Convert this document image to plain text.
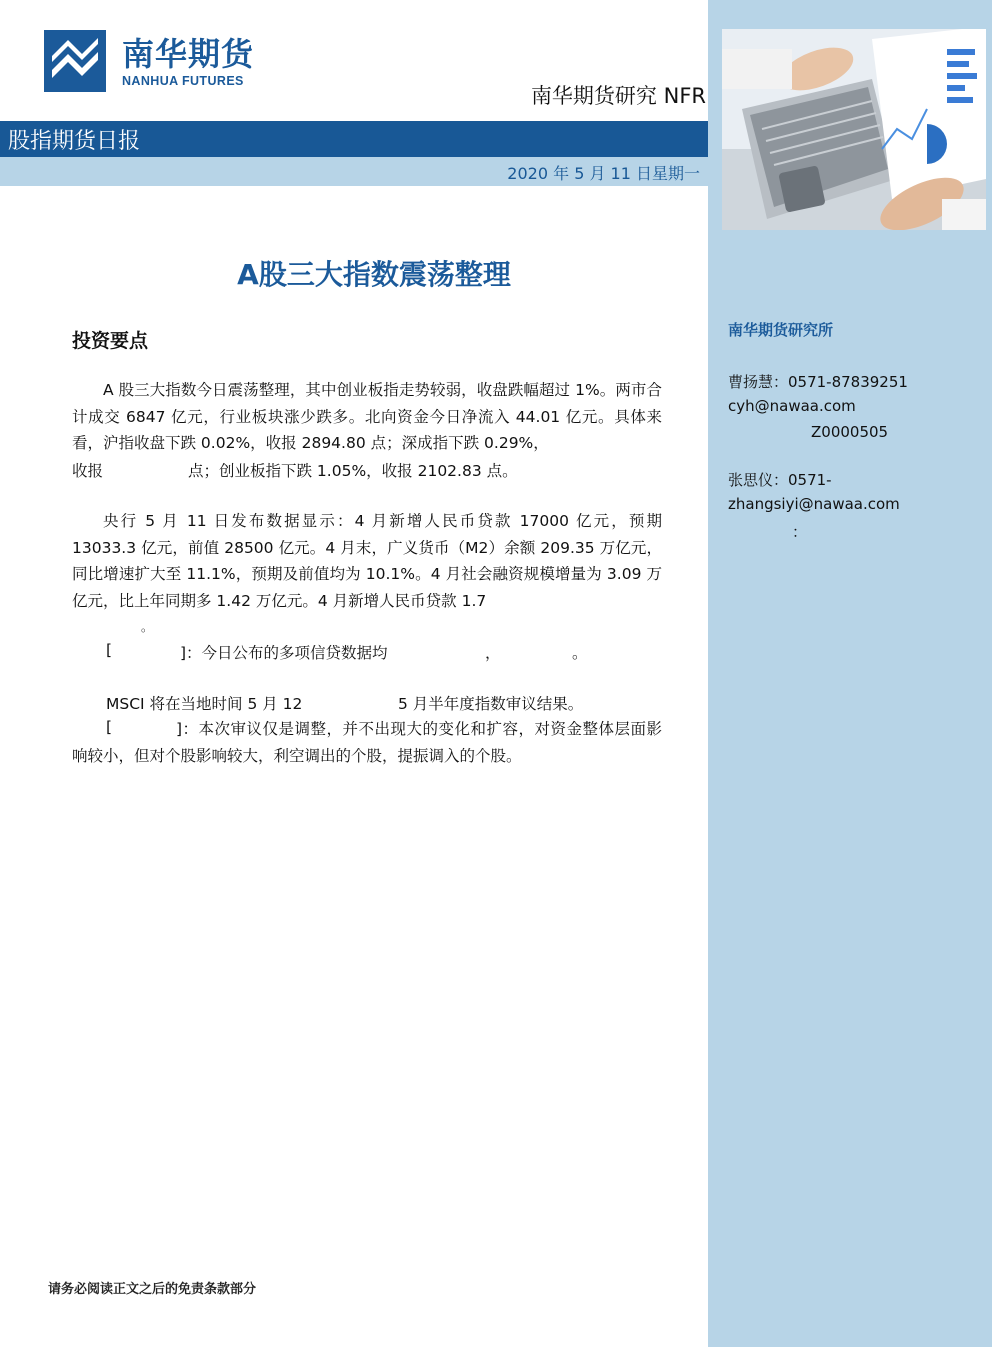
南华期货
NANHUA FUTURES
南华期货研究 NFR
股指期货日报
2020 年 5 月 11 日星期一
A股三大指数震荡整理
投资要点
A 股三大指数今日震荡整理，其中创业板指走势较弱，收盘跌幅超过 1%。两市合计成交 6847 亿元，行业板块涨少跌多。北向资金今日净流入 44.01 亿元。具体来看，沪指收盘下跌 0.02%，收报 2894.80 点；深成指下跌 0.29%，
收报	点；创业板指下跌 1.05%，收报 2102.83 点。
央行 5 月 11 日发布数据显示：4 月新增人民币贷款 17000 亿元，预期 13033.3 亿元，前值 28500 亿元。4 月末，广义货币（M2）余额 209.35 万亿元，同比增速扩大至 11.1%，预期及前值均为 10.1%。4 月社会融资规模增量为 3.09 万亿元，比上年同期多 1.42 万亿元。4 月新增人民币贷款 1.7
。
[	]：今日公布的多项信贷数据均	，	。
MSCI 将在当地时间 5 月 12	5 月半年度指数审议结果。
[	]：本次审议仅是调整，并不出现大的变化和扩容，对资金整体层面影响较小，但对个股影响较大，利空调出的个股，提振调入的个股。
南华期货研究所
曹扬慧：0571-87839251
cyh@nawaa.com
Z0000505
张思仪：0571-
zhangsiyi@nawaa.com
：
请务必阅读正文之后的免责条款部分
